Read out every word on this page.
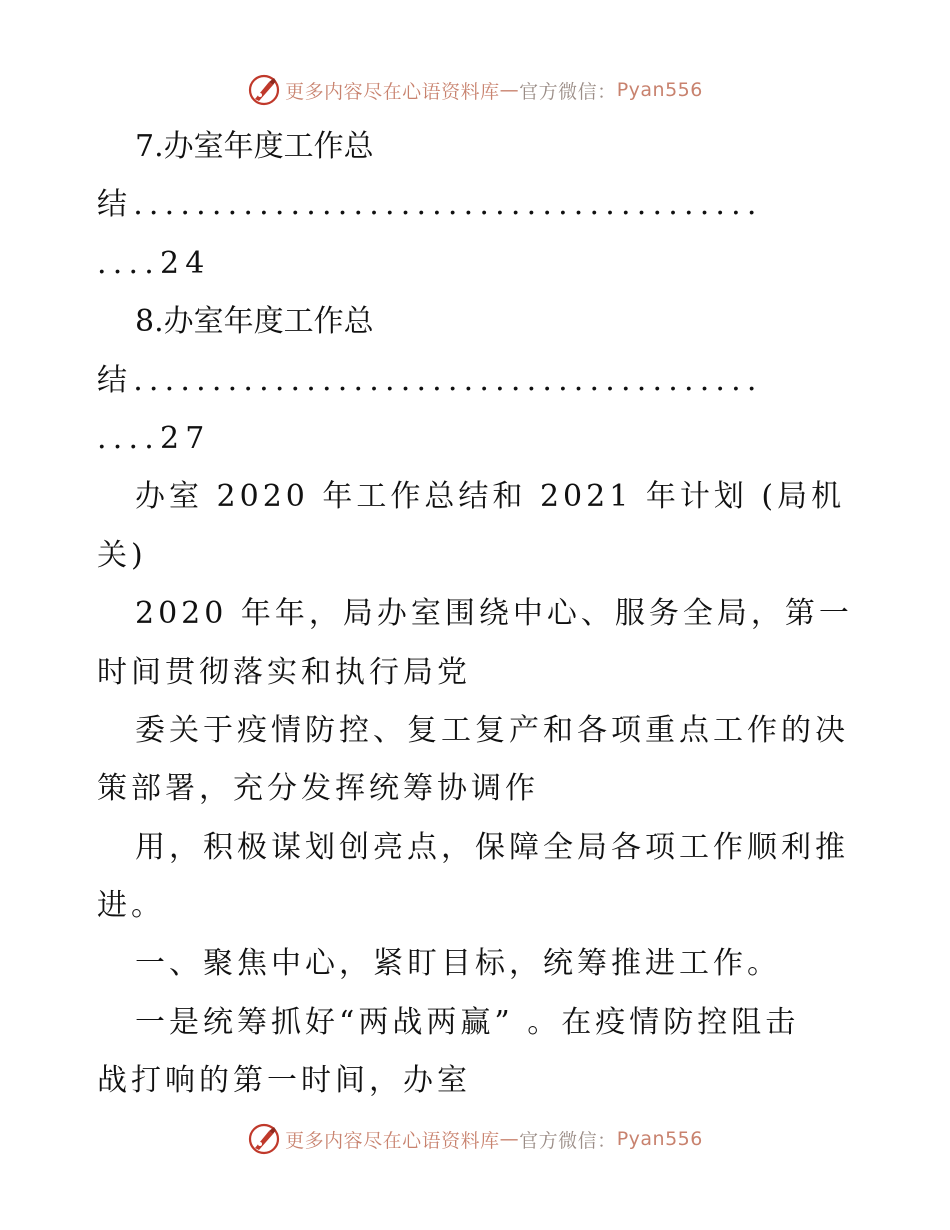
更多内容尽在心语资料库 — 官方微信： Pyan556
7.办室年度工作总
结........................................
....24
8.办室年度工作总
结........................................
....27
办室 2020 年工作总结和 2021 年计划 (局机
关)
2020 年年，局办室围绕中心、服务全局，第一
时间贯彻落实和执行局党
委关于疫情防控、复工复产和各项重点工作的决
策部署，充分发挥统筹协调作
用，积极谋划创亮点，保障全局各项工作顺利推
进。
一、聚焦中心，紧盯目标，统筹推进工作。
一是统筹抓好“两战两赢” 。在疫情防控阻击
战打响的第一时间，办室
更多内容尽在心语资料库 — 官方微信： Pyan556
